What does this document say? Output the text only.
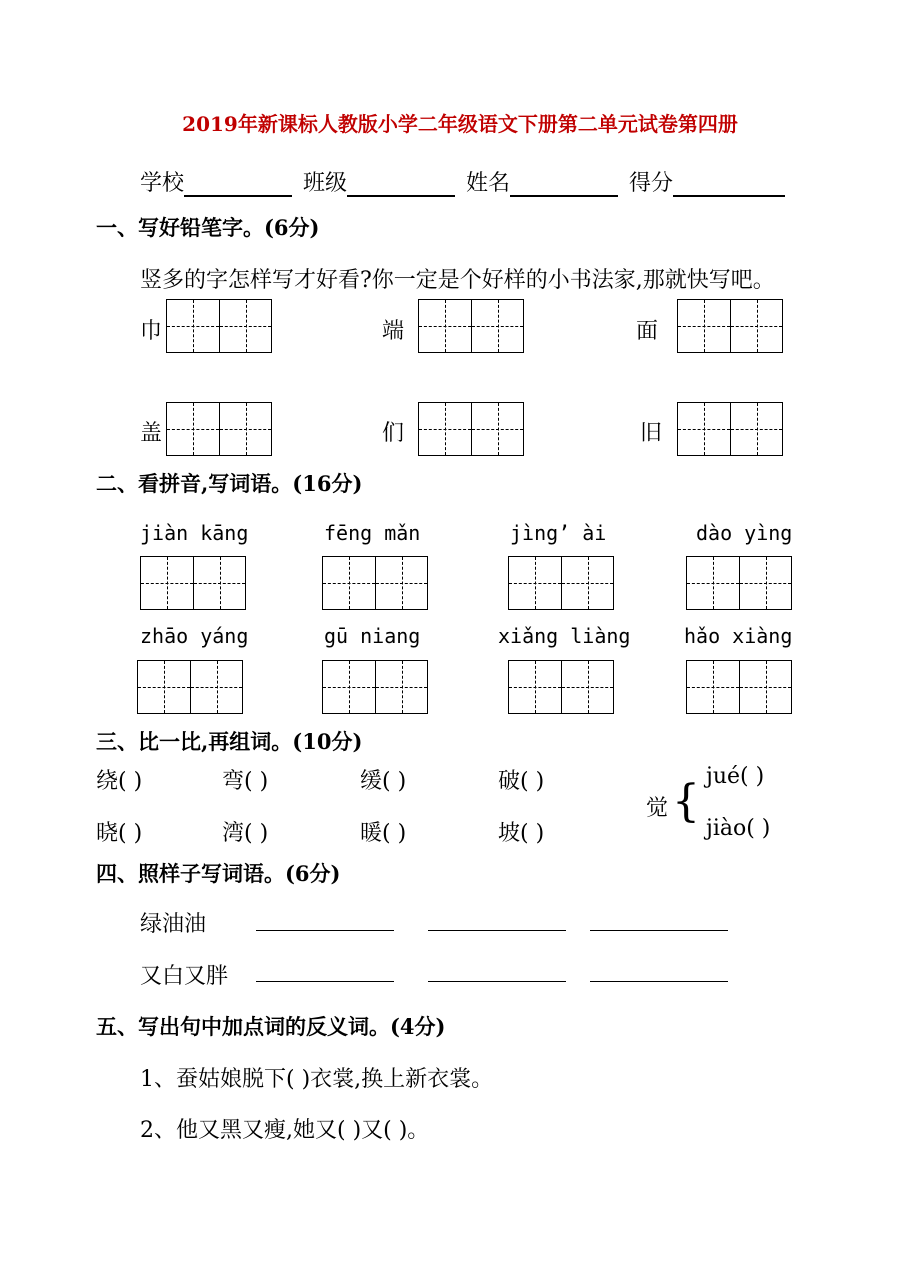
2019年新课标人教版小学二年级语文下册第二单元试卷第四册
学校	班级	姓名	得分
一、写好铅笔字。(6分)
竖多的字怎样写才好看?你一定是个好样的小书法家,那就快写吧。
巾	端	面
盖	们	旧
二、看拼音,写词语。(16分)
jiàn kāng	fēng mǎn	jìng’ ài	dào yìng
zhāo yáng	gū niang	xiǎng liàng	hǎo xiàng
三、比一比,再组词。(10分)
绕( )	弯( )	缓( )	破( )
晓( )	湾( )	暖( )	坡( )
觉 { jué( )
jiào( )
四、照样子写词语。(6分)
绿油油
又白又胖
五、写出句中加点词的反义词。(4分)
1、蚕姑娘脱下( )衣裳,换上新衣裳。
2、他又黑又瘦,她又( )又( )。
